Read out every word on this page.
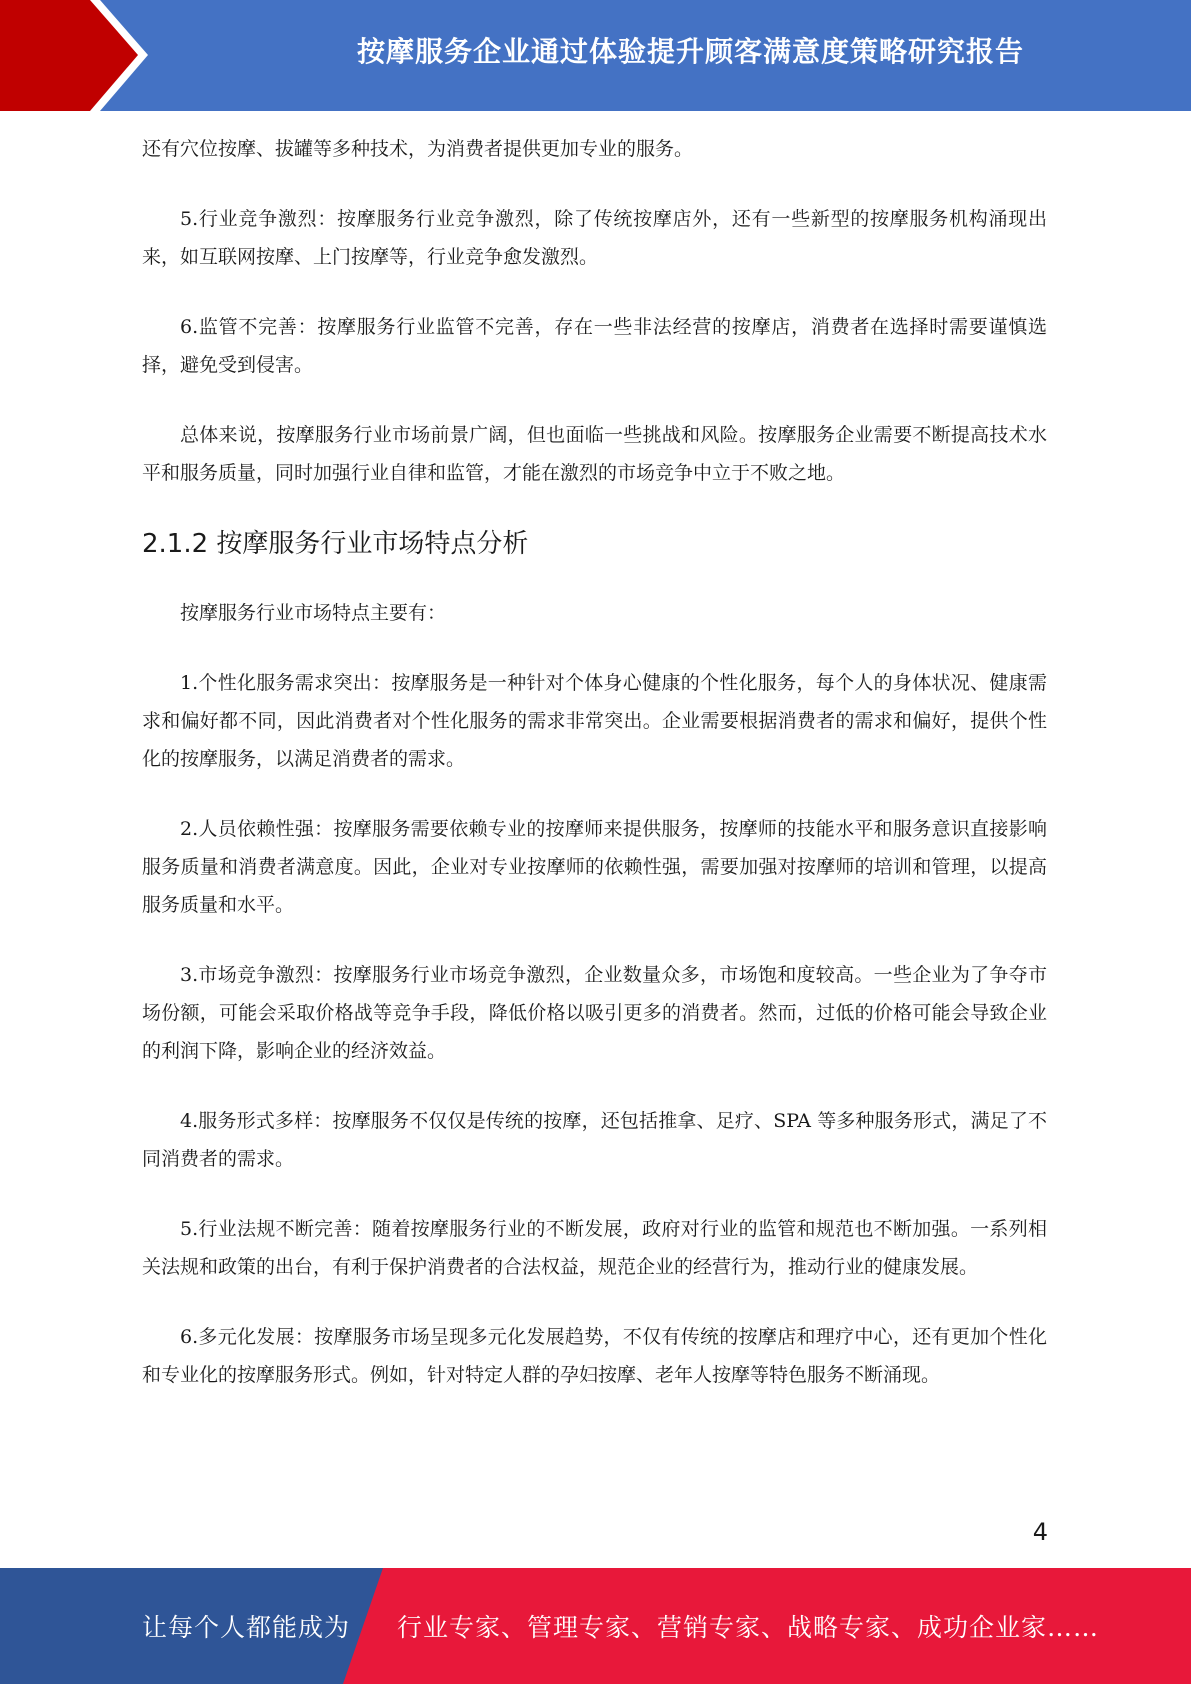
按摩服务企业通过体验提升顾客满意度策略研究报告

还有穴位按摩、拔罐等多种技术，为消费者提供更加专业的服务。

5.行业竞争激烈：按摩服务行业竞争激烈，除了传统按摩店外，还有一些新型的按摩服务机构涌现出来，如互联网按摩、上门按摩等，行业竞争愈发激烈。

6.监管不完善：按摩服务行业监管不完善，存在一些非法经营的按摩店，消费者在选择时需要谨慎选择，避免受到侵害。

总体来说，按摩服务行业市场前景广阔，但也面临一些挑战和风险。按摩服务企业需要不断提高技术水平和服务质量，同时加强行业自律和监管，才能在激烈的市场竞争中立于不败之地。

2.1.2 按摩服务行业市场特点分析

按摩服务行业市场特点主要有：

1.个性化服务需求突出：按摩服务是一种针对个体身心健康的个性化服务，每个人的身体状况、健康需求和偏好都不同，因此消费者对个性化服务的需求非常突出。企业需要根据消费者的需求和偏好，提供个性化的按摩服务，以满足消费者的需求。

2.人员依赖性强：按摩服务需要依赖专业的按摩师来提供服务，按摩师的技能水平和服务意识直接影响服务质量和消费者满意度。因此，企业对专业按摩师的依赖性强，需要加强对按摩师的培训和管理，以提高服务质量和水平。

3.市场竞争激烈：按摩服务行业市场竞争激烈，企业数量众多，市场饱和度较高。一些企业为了争夺市场份额，可能会采取价格战等竞争手段，降低价格以吸引更多的消费者。然而，过低的价格可能会导致企业的利润下降，影响企业的经济效益。

4.服务形式多样：按摩服务不仅仅是传统的按摩，还包括推拿、足疗、SPA 等多种服务形式，满足了不同消费者的需求。

5.行业法规不断完善：随着按摩服务行业的不断发展，政府对行业的监管和规范也不断加强。一系列相关法规和政策的出台，有利于保护消费者的合法权益，规范企业的经营行为，推动行业的健康发展。

6.多元化发展：按摩服务市场呈现多元化发展趋势，不仅有传统的按摩店和理疗中心，还有更加个性化和专业化的按摩服务形式。例如，针对特定人群的孕妇按摩、老年人按摩等特色服务不断涌现。

4
让每个人都能成为 行业专家、管理专家、营销专家、战略专家、成功企业家……
